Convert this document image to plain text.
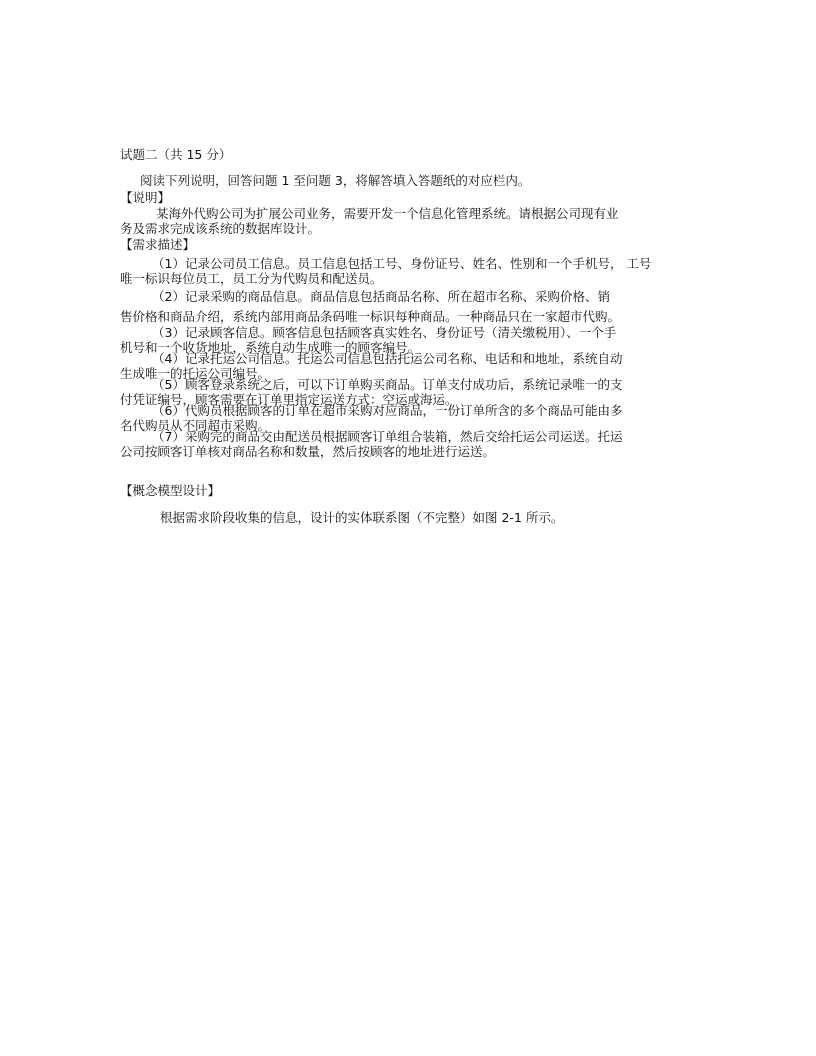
试题二（共 15 分）
阅读下列说明，回答问题 1 至问题 3，将解答填入答题纸的对应栏内。
【说明】
某海外代购公司为扩展公司业务，需要开发一个信息化管理系统。请根据公司现有业
务及需求完成该系统的数据库设计。
【需求描述】
（1）记录公司员工信息。员工信息包括工号、身份证号、姓名、性别和一个手机号， 工号
唯一标识每位员工，员工分为代购员和配送员。
（2）记录采购的商品信息。商品信息包括商品名称、所在超市名称、采购价格、销
售价格和商品介绍，系统内部用商品条码唯一标识每种商品。一种商品只在一家超市代购。
（3）记录顾客信息。顾客信息包括顾客真实姓名、身份证号（清关缴税用）、一个手
机号和一个收货地址，系统自动生成唯一的顾客编号。
（4）记录托运公司信息。托运公司信息包括托运公司名称、电话和和地址，系统自动
生成唯一的托运公司编号。
（5）顾客登录系统之后，可以下订单购买商品。订单支付成功后，系统记录唯一的支
付凭证编号，顾客需要在订单里指定运送方式：空运或海运。
（6）代购员根据顾客的订单在超市采购对应商品，一份订单所含的多个商品可能由多
名代购员从不同超市采购。
（7）采购完的商品交由配送员根据顾客订单组合装箱，然后交给托运公司运送。托运
公司按顾客订单核对商品名称和数量，然后按顾客的地址进行运送。
【概念模型设计】
根据需求阶段收集的信息，设计的实体联系图（不完整）如图 2-1 所示。
